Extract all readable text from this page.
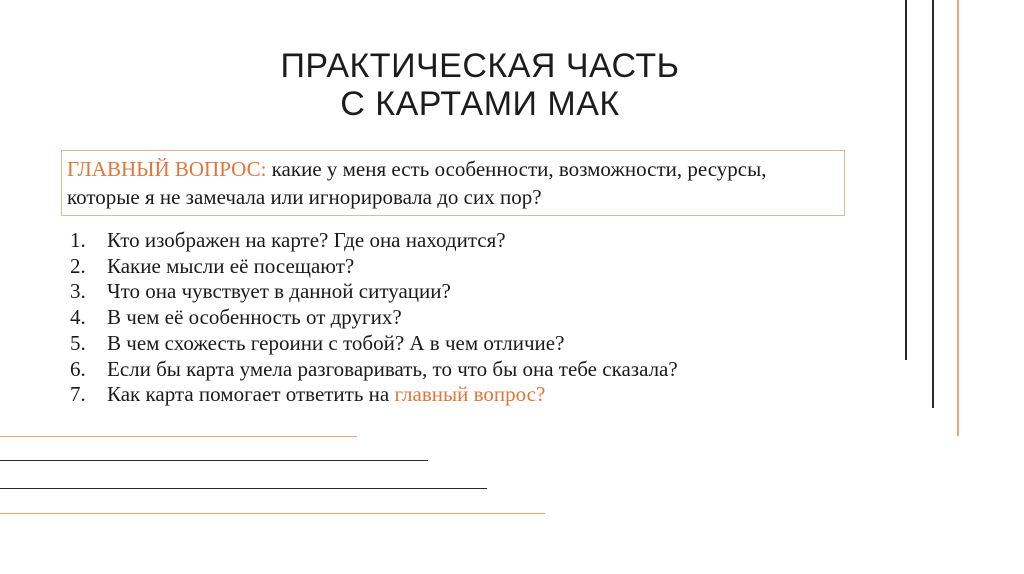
ПРАКТИЧЕСКАЯ ЧАСТЬ
С КАРТАМИ МАК
ГЛАВНЫЙ ВОПРОС: какие у меня есть особенности, возможности, ресурсы, которые я не замечала или игнорировала до сих пор?
1.	Кто изображен на карте? Где она находится?
2.	Какие мысли её посещают?
3.	Что она чувствует в данной ситуации?
4.	В чем её особенность от других?
5.	В чем схожесть героини с тобой? А в чем отличие?
6.	Если бы карта умела разговаривать, то что бы она тебе сказала?
7.	Как карта помогает ответить на главный вопрос?
